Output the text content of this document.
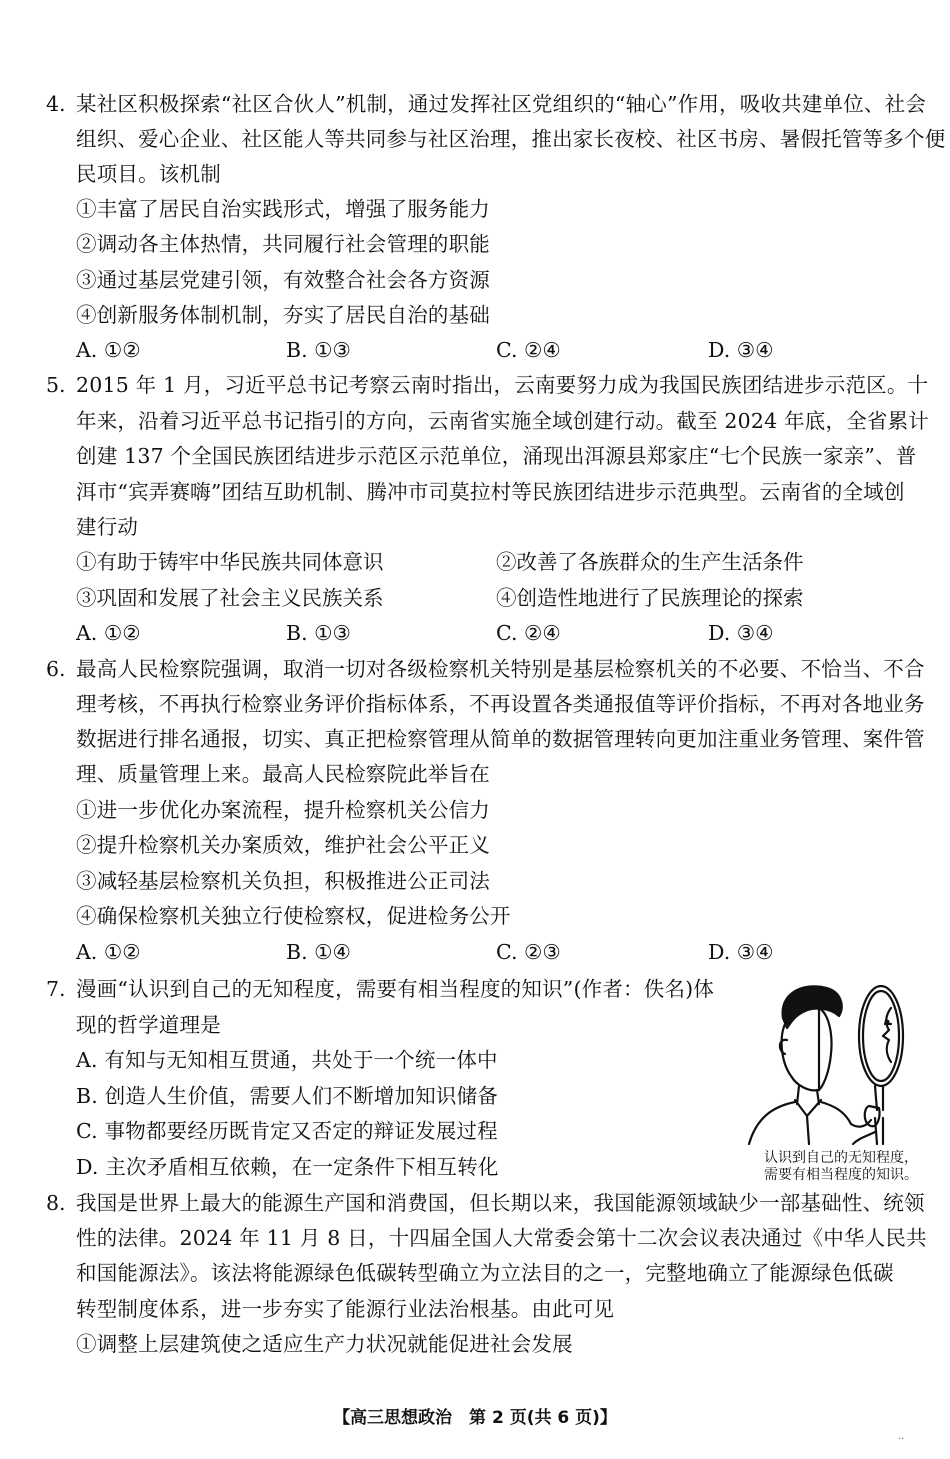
4. 某社区积极探索“社区合伙人”机制，通过发挥社区党组织的“轴心”作用，吸收共建单位、社会
组织、爱心企业、社区能人等共同参与社区治理，推出家长夜校、社区书房、暑假托管等多个便
民项目。该机制
①丰富了居民自治实践形式，增强了服务能力
②调动各主体热情，共同履行社会管理的职能
③通过基层党建引领，有效整合社会各方资源
④创新服务体制机制，夯实了居民自治的基础
A. ①②	B. ①③	C. ②④	D. ③④
5. 2015 年 1 月，习近平总书记考察云南时指出，云南要努力成为我国民族团结进步示范区。十
年来，沿着习近平总书记指引的方向，云南省实施全域创建行动。截至 2024 年底，全省累计
创建 137 个全国民族团结进步示范区示范单位，涌现出洱源县郑家庄“七个民族一家亲”、普
洱市“宾弄赛嗨”团结互助机制、腾冲市司莫拉村等民族团结进步示范典型。云南省的全域创
建行动
①有助于铸牢中华民族共同体意识	②改善了各族群众的生产生活条件
③巩固和发展了社会主义民族关系	④创造性地进行了民族理论的探索
A. ①②	B. ①③	C. ②④	D. ③④
6. 最高人民检察院强调，取消一切对各级检察机关特别是基层检察机关的不必要、不恰当、不合
理考核，不再执行检察业务评价指标体系，不再设置各类通报值等评价指标，不再对各地业务
数据进行排名通报，切实、真正把检察管理从简单的数据管理转向更加注重业务管理、案件管
理、质量管理上来。最高人民检察院此举旨在
①进一步优化办案流程，提升检察机关公信力
②提升检察机关办案质效，维护社会公平正义
③减轻基层检察机关负担，积极推进公正司法
④确保检察机关独立行使检察权，促进检务公开
A. ①②	B. ①④	C. ②③	D. ③④
7. 漫画“认识到自己的无知程度，需要有相当程度的知识”(作者：佚名)体
现的哲学道理是
A. 有知与无知相互贯通，共处于一个统一体中
B. 创造人生价值，需要人们不断增加知识储备
C. 事物都要经历既肯定又否定的辩证发展过程
D. 主次矛盾相互依赖，在一定条件下相互转化	认识到自己的无知程度，
需要有相当程度的知识。
8. 我国是世界上最大的能源生产国和消费国，但长期以来，我国能源领域缺少一部基础性、统领
性的法律。2024 年 11 月 8 日，十四届全国人大常委会第十二次会议表决通过《中华人民共
和国能源法》。该法将能源绿色低碳转型确立为立法目的之一，完整地确立了能源绿色低碳
转型制度体系，进一步夯实了能源行业法治根基。由此可见
①调整上层建筑使之适应生产力状况就能促进社会发展
【高三思想政治　第 2 页(共 6 页)】
··
